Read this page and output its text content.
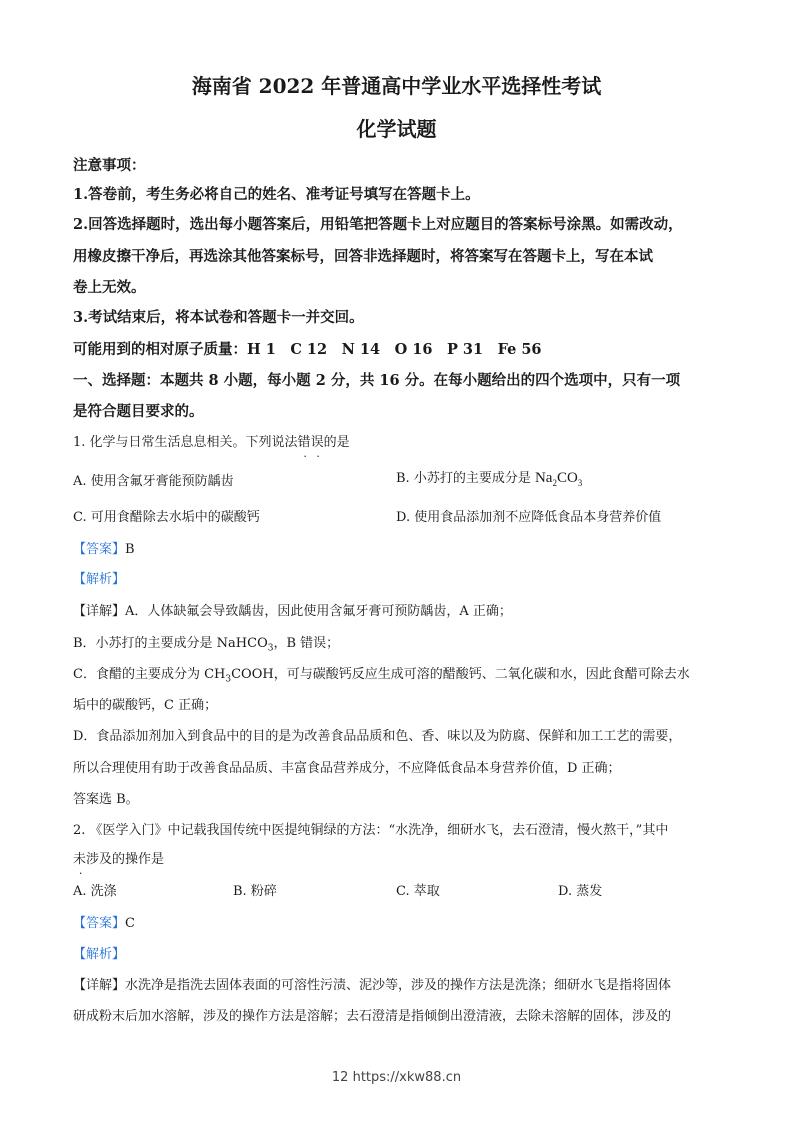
海南省 2022 年普通高中学业水平选择性考试
化学试题
注意事项：
1.答卷前，考生务必将自己的姓名、准考证号填写在答题卡上。
2.回答选择题时，选出每小题答案后，用铅笔把答题卡上对应题目的答案标号涂黑。如需改动，
用橡皮擦干净后，再选涂其他答案标号，回答非选择题时，将答案写在答题卡上，写在本试
卷上无效。
3.考试结束后，将本试卷和答题卡一并交回。
可能用到的相对原子质量：H 1　C 12　N 14　O 16　P 31　Fe 56
一、选择题：本题共 8 小题，每小题 2 分，共 16 分。在每小题给出的四个选项中，只有一项
是符合题目要求的。
1. 化学与日常生活息息相关。下列说法错误的是
A. 使用含氟牙膏能预防龋齿	B. 小苏打的主要成分是 $Na_2CO_3$
C. 可用食醋除去水垢中的碳酸钙	D. 使用食品添加剂不应降低食品本身营养价值
【答案】B
【解析】
【详解】A．人体缺氟会导致龋齿，因此使用含氟牙膏可预防龋齿，A 正确；
B．小苏打的主要成分是 NaHCO$_3$，B 错误；
C．食醋的主要成分为 $CH_3COOH$，可与碳酸钙反应生成可溶的醋酸钙、二氧化碳和水，因此食醋可除去水
垢中的碳酸钙，C 正确；
D．食品添加剂加入到食品中的目的是为改善食品品质和色、香、味以及为防腐、保鲜和加工工艺的需要，
所以合理使用有助于改善食品品质、丰富食品营养成分，不应降低食品本身营养价值，D 正确；
答案选 B。
2. 《医学入门》中记载我国传统中医提纯铜绿的方法：“水洗净，细研水飞，去石澄清，慢火熬干，”其中
未涉及的操作是
A. 洗涤	B. 粉碎	C. 萃取	D. 蒸发
【答案】C
【解析】
【详解】水洗净是指洗去固体表面的可溶性污渍、泥沙等，涉及的操作方法是洗涤；细研水飞是指将固体
研成粉末后加水溶解，涉及的操作方法是溶解；去石澄清是指倾倒出澄清液，去除未溶解的固体，涉及的
12 https://xkw88.cn
